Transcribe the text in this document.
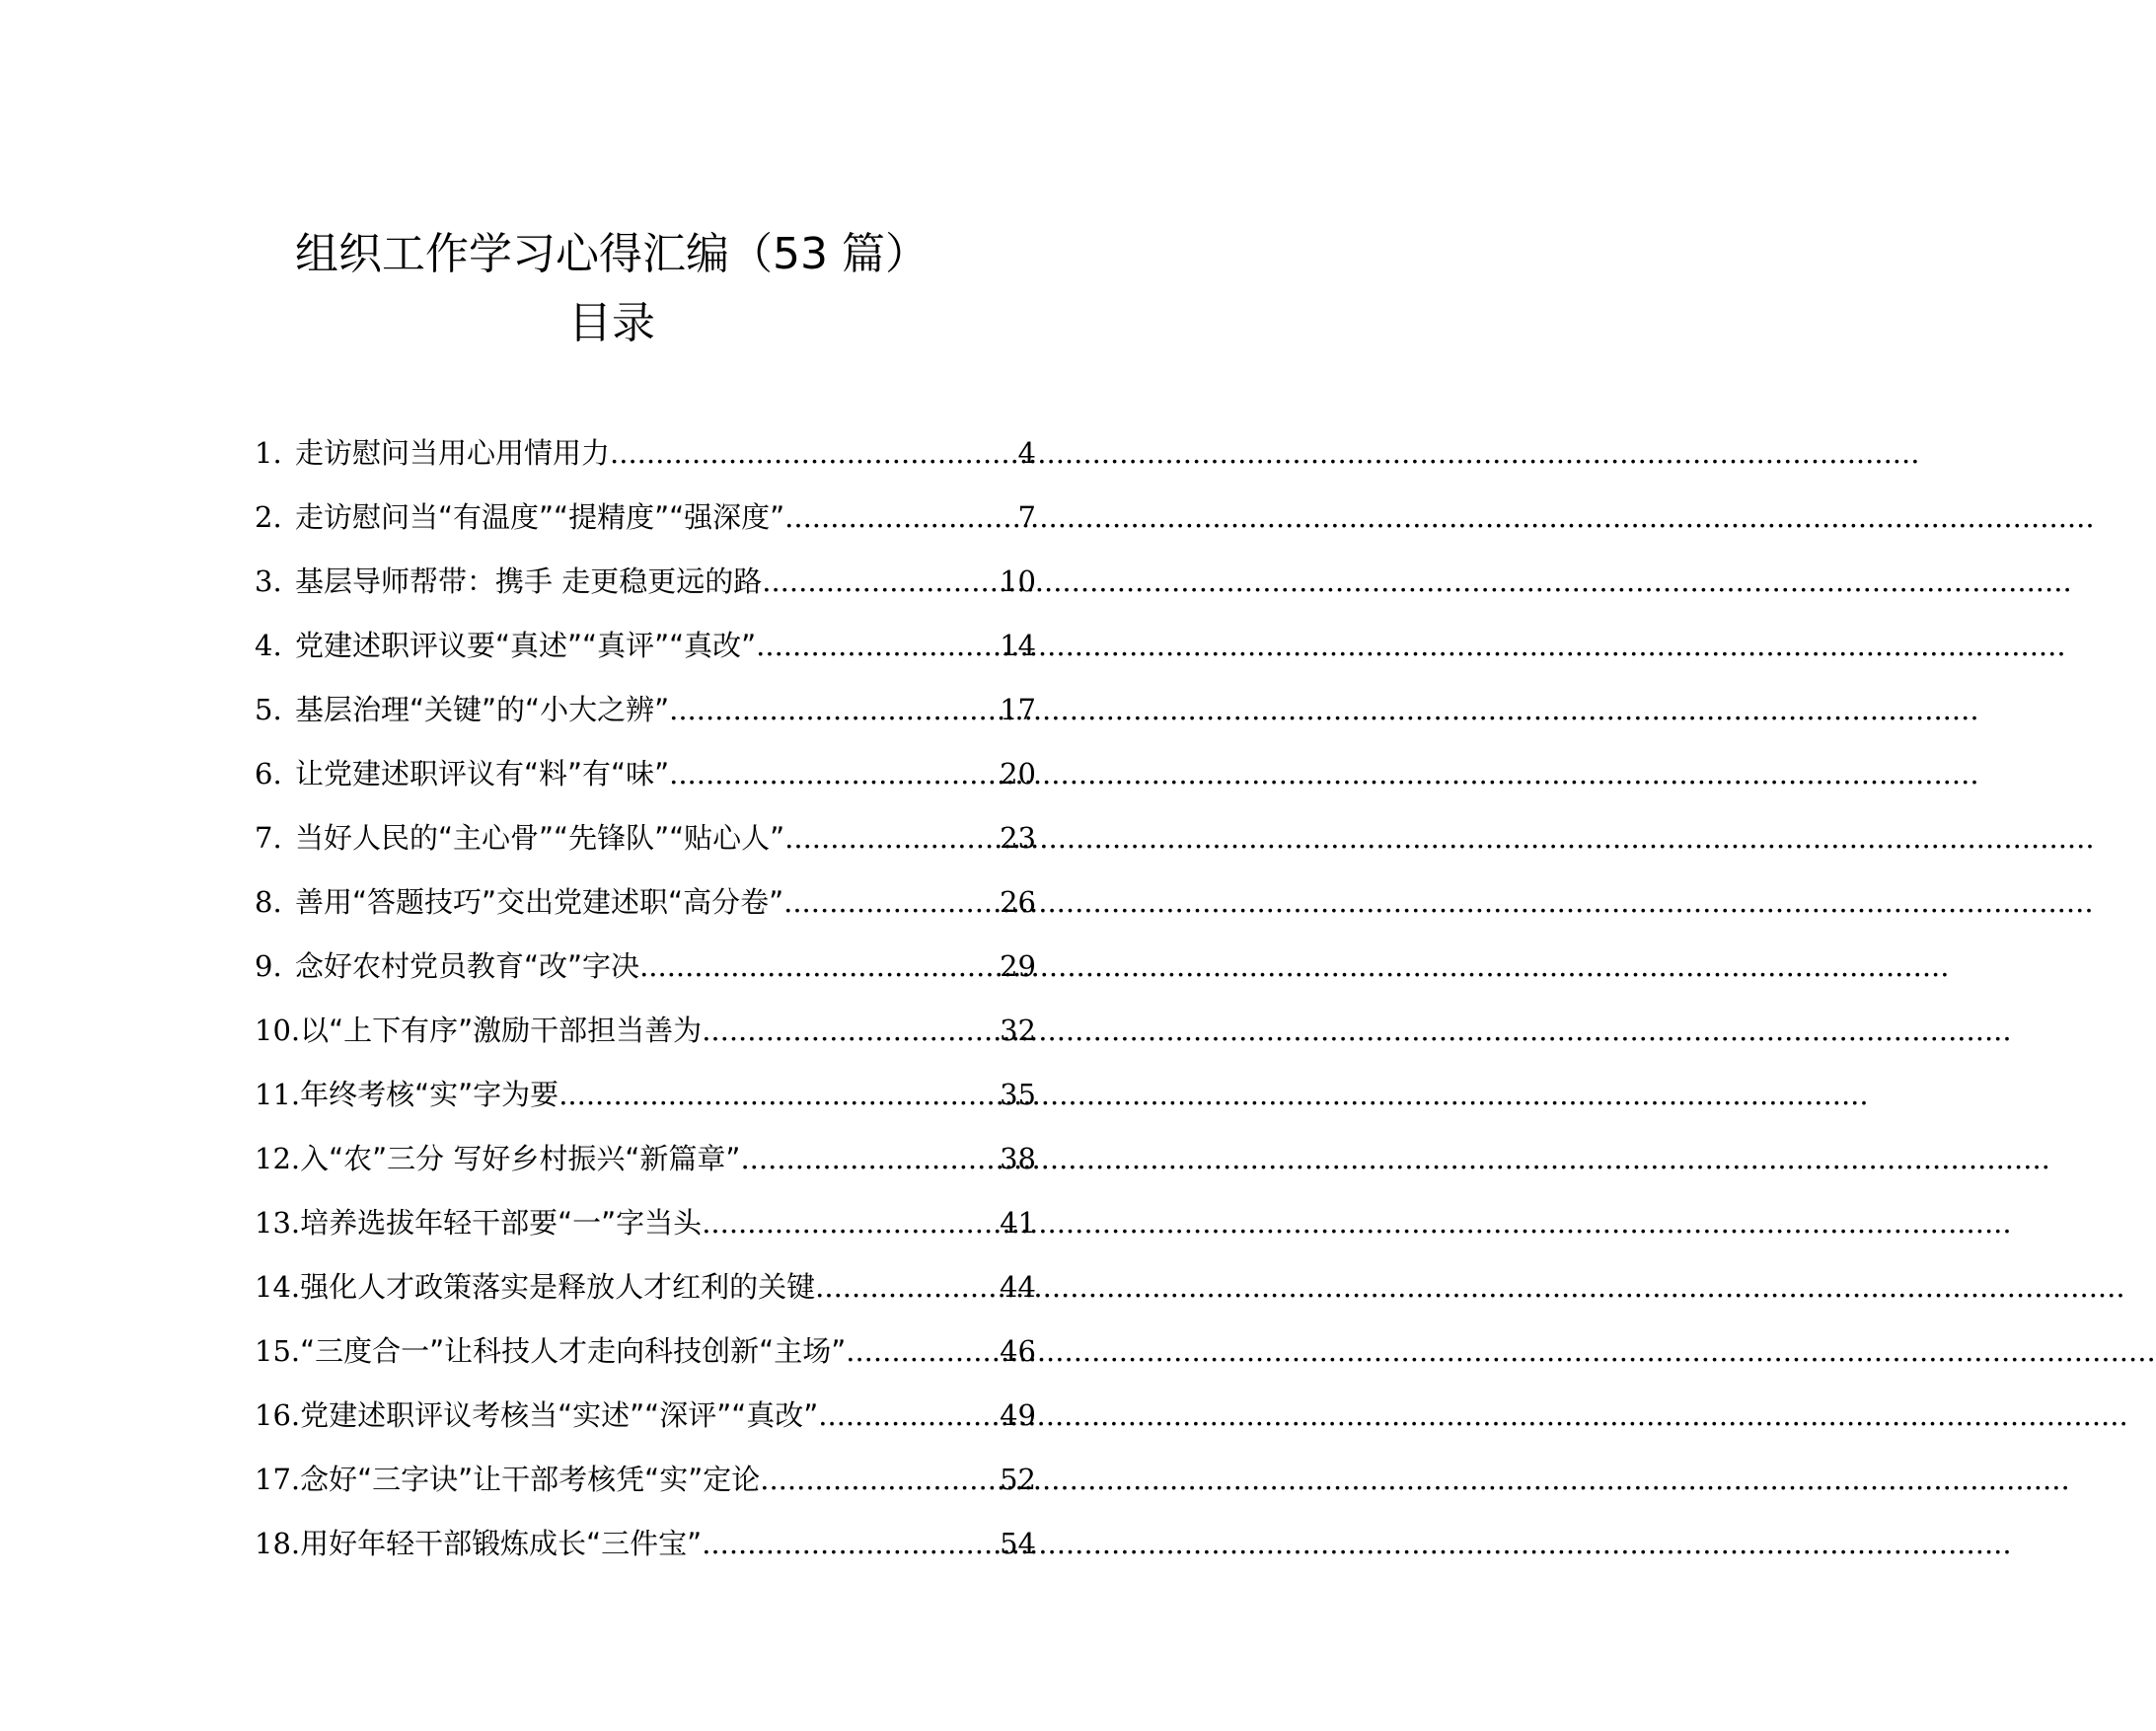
组织工作学习心得汇编（53 篇）
目录
1. 走访慰问当用心用情用力 .....	4
2. 走访慰问当“有温度”“提精度”“强深度” .....	7
3. 基层导师帮带：携手 走更稳更远的路 .....	10
4. 党建述职评议要“真述”“真评”“真改” .....	14
5. 基层治理“关键”的“小大之辨” .....	17
6. 让党建述职评议有“料”有“味” .....	20
7. 当好人民的“主心骨”“先锋队”“贴心人” .....	23
8. 善用“答题技巧”交出党建述职“高分卷” .....	26
9. 念好农村党员教育“改”字决 .....	29
10. 以“上下有序”激励干部担当善为 .....	32
11. 年终考核“实”字为要 .....	35
12. 入“农”三分 写好乡村振兴“新篇章” .....	38
13. 培养选拔年轻干部要“一”字当头 .....	41
14. 强化人才政策落实是释放人才红利的关键 .....	44
15. “三度合一”让科技人才走向科技创新“主场” .....	46
16. 党建述职评议考核当“实述”“深评”“真改” .....	49
17. 念好“三字诀”让干部考核凭“实”定论 .....	52
18. 用好年轻干部锻炼成长“三件宝” .....	54
